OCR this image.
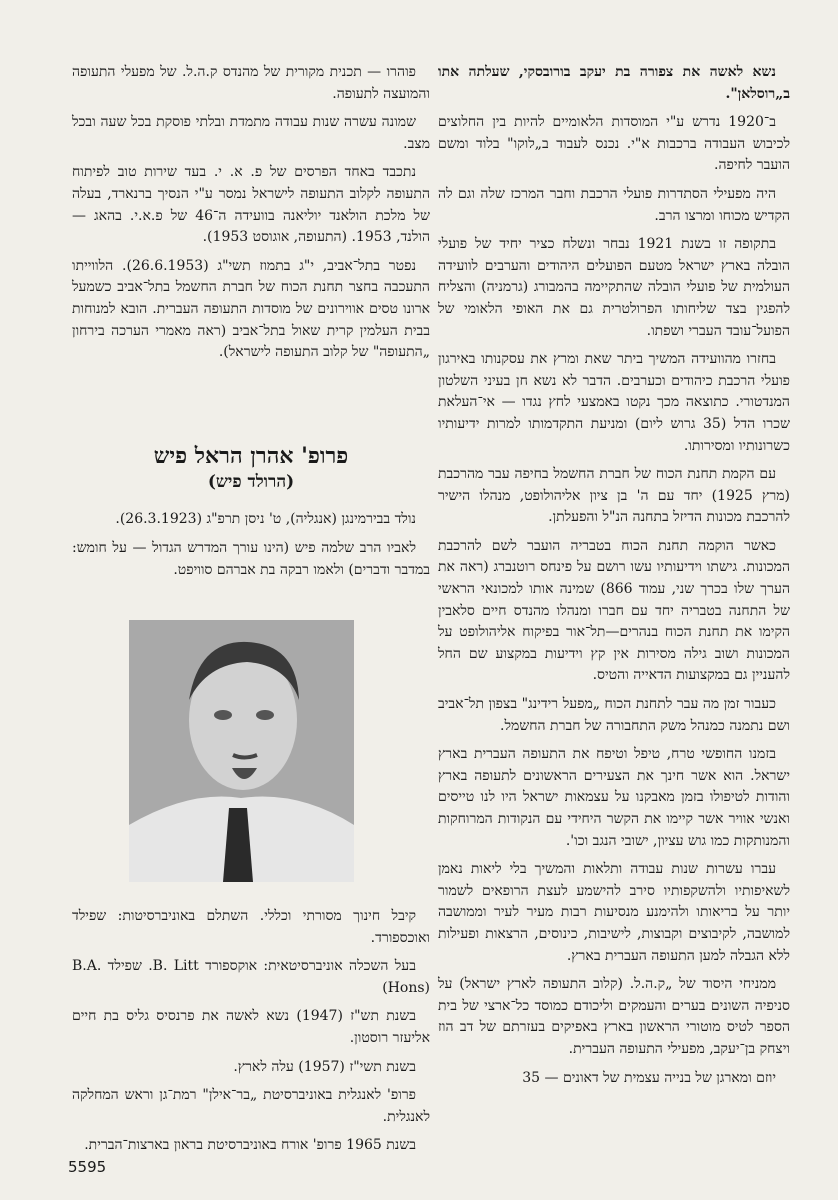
נשא לאשה את צפורה בת יעקב בורובסקי, שעלתה אתו ב„רוסלאן".

ב־1920 נדרש ע"י המוסדות הלאומיים להיות בין החלוצים לכיבוש העבודה ברכבות א"י. נכנס לעבוד ב„לוקו" בלוד ומשם הועבר לחיפה.

היה מפעילי הסתדרות פועלי הרכבת וחבר המרכז שלה וגם לה הקדיש מכוחו ומרצו הרב.

בתקופה זו בשנת 1921 נבחר ונשלח כציר יחיד של פועלי הובלה בארץ ישראל מטעם הפועלים היהודים והערבים לוועידה העולמית של פועלי הובלה שהתקיימה בהמבורג (גרמניה) והצליח להפגין בצד שליחותו הפרולטרית גם את האופי הלאומי של הפועל־עובד העברי ושפתו.

בחזרו מהוועידה המשיך ביתר שאת ומרץ את עסקנותו באירגון פועלי הרכבת כיהודים וכערבים. הדבר לא נשא חן בעיני השלטון המנדטורי. כתוצאה מכך נקטו באמצעי לחץ נגדו — אי־העלאת שכרו הדל (35 גרוש ליום) ומניעת התקדמותו למרות ידיעותיו כשרונותיו ומסירותו.

עם הקמת תחנת הכוח של חברת החשמל בחיפה עבר מהרכבת (מרץ 1925) יחד עם ה' בן ציון אליהולופט, מנהלו הישיר להרכבת מכונות הדיזל בתחנה הנ"ל והפעלתן.

כאשר הוקמה תחנת הכוח בטבריה הועבר לשם להרכבת המכונות. גישתו וידיעותיו עשו רושם על פינחס רוטנברג (ראה את הערך שלו בכרך שני, עמוד 866) שמינה אותו למכונאי הראשי של התחנה בטבריה יחד עם חברו ומנהלו מהנדס חיים סלאבין הקימו את תחנת הכוח בנהרים—תל־אור בפיקוח אליהולופט על המכונות ושוב גילה מסירות אין קץ וידיעות במקצוע שם החל להעניין גם במקצועות הדאייה והטיס.

כעבור זמן מה עבר לתחנת הכוח „מפעל רידינג" בצפון תל־אביב ושם נתמנה כמנהל משק התחבורה של חברת החשמל.

בזמנו החופשי טרח, טיפל וטיפח את התעופה העברית בארץ ישראל. הוא אשר חינך את הצעירים הראשונים לתעופה בארץ והודות לטיפולו בזמן מאבקנו על עצמאות ישראל היו לנו טייסים ואנשי אוויר אשר קיימו את הקשר היחידי עם הנקודות המרוחקות והמנותקות כמו גוש עציון, ישובי הנגב וכו'.

עברו עשרות שנות עבודה ותלאות והמשיך בלי ליאות נאמן לשאיפותיו ולהשקפותיו סירב להישמע לעצת הרופאים לשמור יותר על בריאותו ולהימנע מנסיעות רבות מעיר לעיר וממושבה למושבה, לקיבוצים וקבוצות, לישיבות, כינוסים, הרצאות ופעילות ללא הגבלה למען התעופה העברית בארץ.

ממניחי היסוד של „ק.ה.ל. (קלוב התעופה לארץ ישראל) על סניפיה השונים בערים והעמקים וליכודם כמוסד כל־ארצי של בית הספר לטיס מוטורי הראשון בארץ באפיקים בעזרתם של דב הוז ויצחק בן־יעקב, מפעילי התעופה העברית.

יוזם ומארגן של בנייה עצמית של דאונים — 35

פוהרו — תכנית מקורית של מהנדס ק.ה.ל. של מפעלי התעופה והמועצה לתעופה.

שמונה עשרה שנות עבודה מתמדת ובלתי פוסקת בכל שעה ובכל מצב.

נתכבד באחד הפרסים של פ. א. י. בעד שירות טוב לפיתוח התעופה לקלוב התעופה לישראל נמסר ע"י הנסיך ברנארד, בעלה של מלכת הולאנד יוליאנה בוועידה ה־46 של פ.א.י. בהאג — הולנד, 1953. (התעופה, אוגוסט 1953).

נפטר בתל־אביב, י"ג בתמוז תשי"ג (26.6.1953). הלווייתו התעכבה בחצר תחנת הכוח של חברת החשמל בתל־אביב כשמעל ארונו טסים אווירונים של מוסדות התעופה העברית. הובא למנוחות בבית העלמין קרית שאול בתל־אביב (ראה מאמרי הערכה בירחון „התעופה" של קלוב התעופה לישראל).

פרופ' אהרן הראל פיש
(הרולד פיש)

נולד בבירמינגן (אנגליה), ט' ניסן תרפ"ג (26.3.1923).

לאביו הרב שלמה פיש (הינו עורך המדרש הגדול — על חומש: במדבר ודברים) ולאמו רבקה בת אברהם סוויפט.

קיבל חינוך מסורתי וכללי. השתלם באוניברסיטות: שפילד ואוכספורד.

בעל השכלה אוניברסיטאית: אוקספורד B. Litt. שפילד B.A. (Hons)

בשנת תש"ז (1947) נשא לאשה את פרנסיס גליס בת חיים אליעזר רוסטון.

בשנת תשי"ז (1957) עלה לארץ.

פרופ' לאנגלית באוניברסיטת „בר־אילן" רמת־גן וראש המחלקה לאנגלית.

בשנת 1965 פרופ' אורח באוניברסיטת בראון בארצות־הברית.

5595
